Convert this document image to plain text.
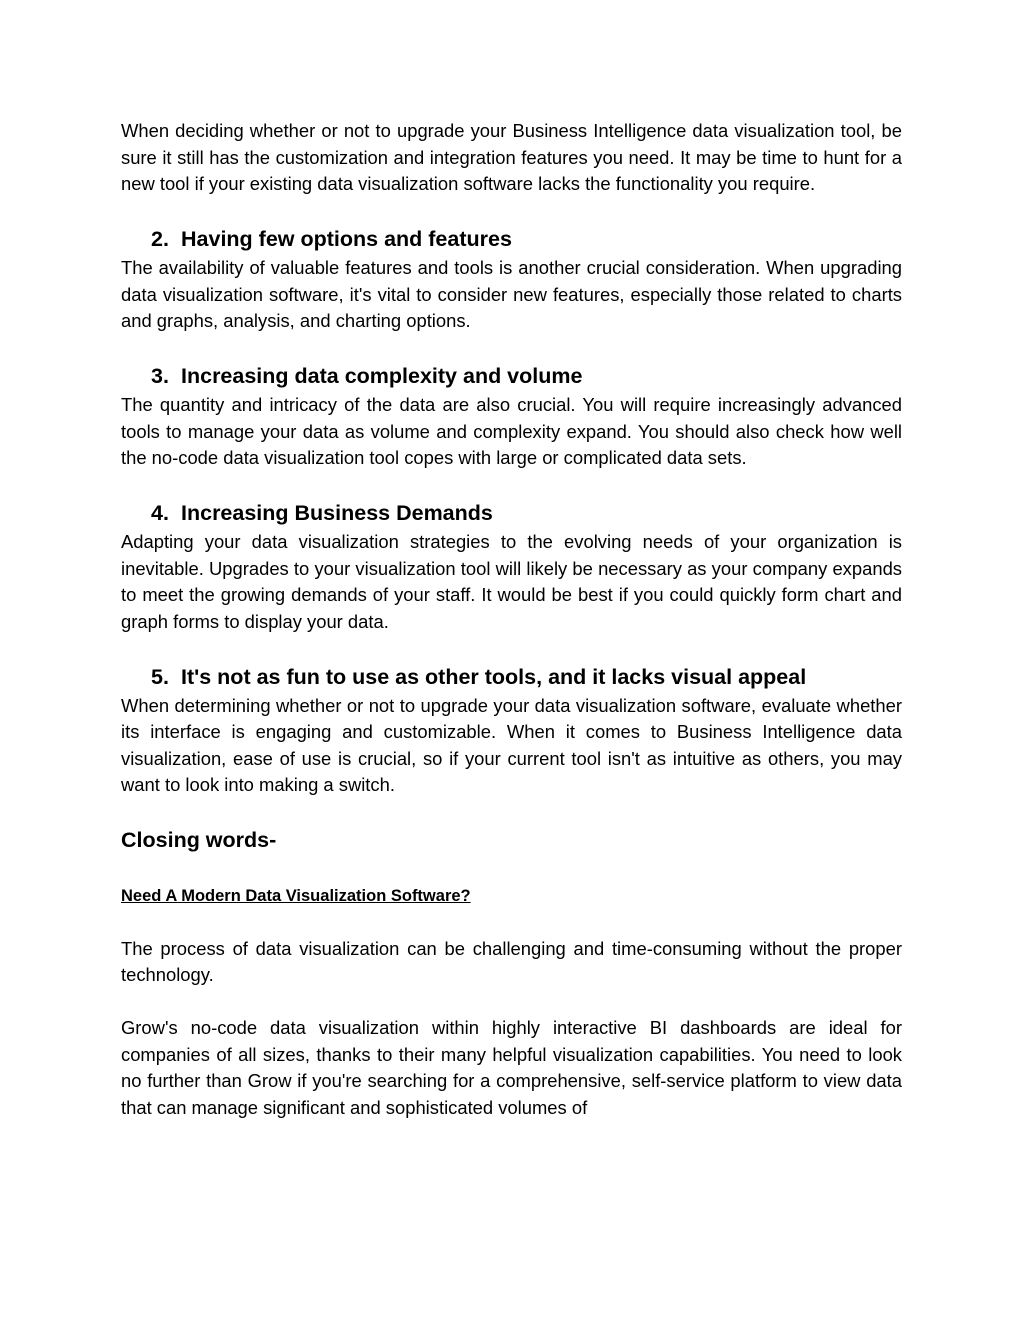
When deciding whether or not to upgrade your Business Intelligence data visualization tool, be sure it still has the customization and integration features you need. It may be time to hunt for a new tool if your existing data visualization software lacks the functionality you require.

2. Having few options and features

The availability of valuable features and tools is another crucial consideration. When upgrading data visualization software, it's vital to consider new features, especially those related to charts and graphs, analysis, and charting options.

3. Increasing data complexity and volume

The quantity and intricacy of the data are also crucial. You will require increasingly advanced tools to manage your data as volume and complexity expand. You should also check how well the no-code data visualization tool copes with large or complicated data sets.

4. Increasing Business Demands

Adapting your data visualization strategies to the evolving needs of your organization is inevitable. Upgrades to your visualization tool will likely be necessary as your company expands to meet the growing demands of your staff. It would be best if you could quickly form chart and graph forms to display your data.

5. It's not as fun to use as other tools, and it lacks visual appeal

When determining whether or not to upgrade your data visualization software, evaluate whether its interface is engaging and customizable. When it comes to Business Intelligence data visualization, ease of use is crucial, so if your current tool isn't as intuitive as others, you may want to look into making a switch.

Closing words-

Need A Modern Data Visualization Software?

The process of data visualization can be challenging and time-consuming without the proper technology.

Grow's no-code data visualization within highly interactive BI dashboards are ideal for companies of all sizes, thanks to their many helpful visualization capabilities. You need to look no further than Grow if you're searching for a comprehensive, self-service platform to view data that can manage significant and sophisticated volumes of
